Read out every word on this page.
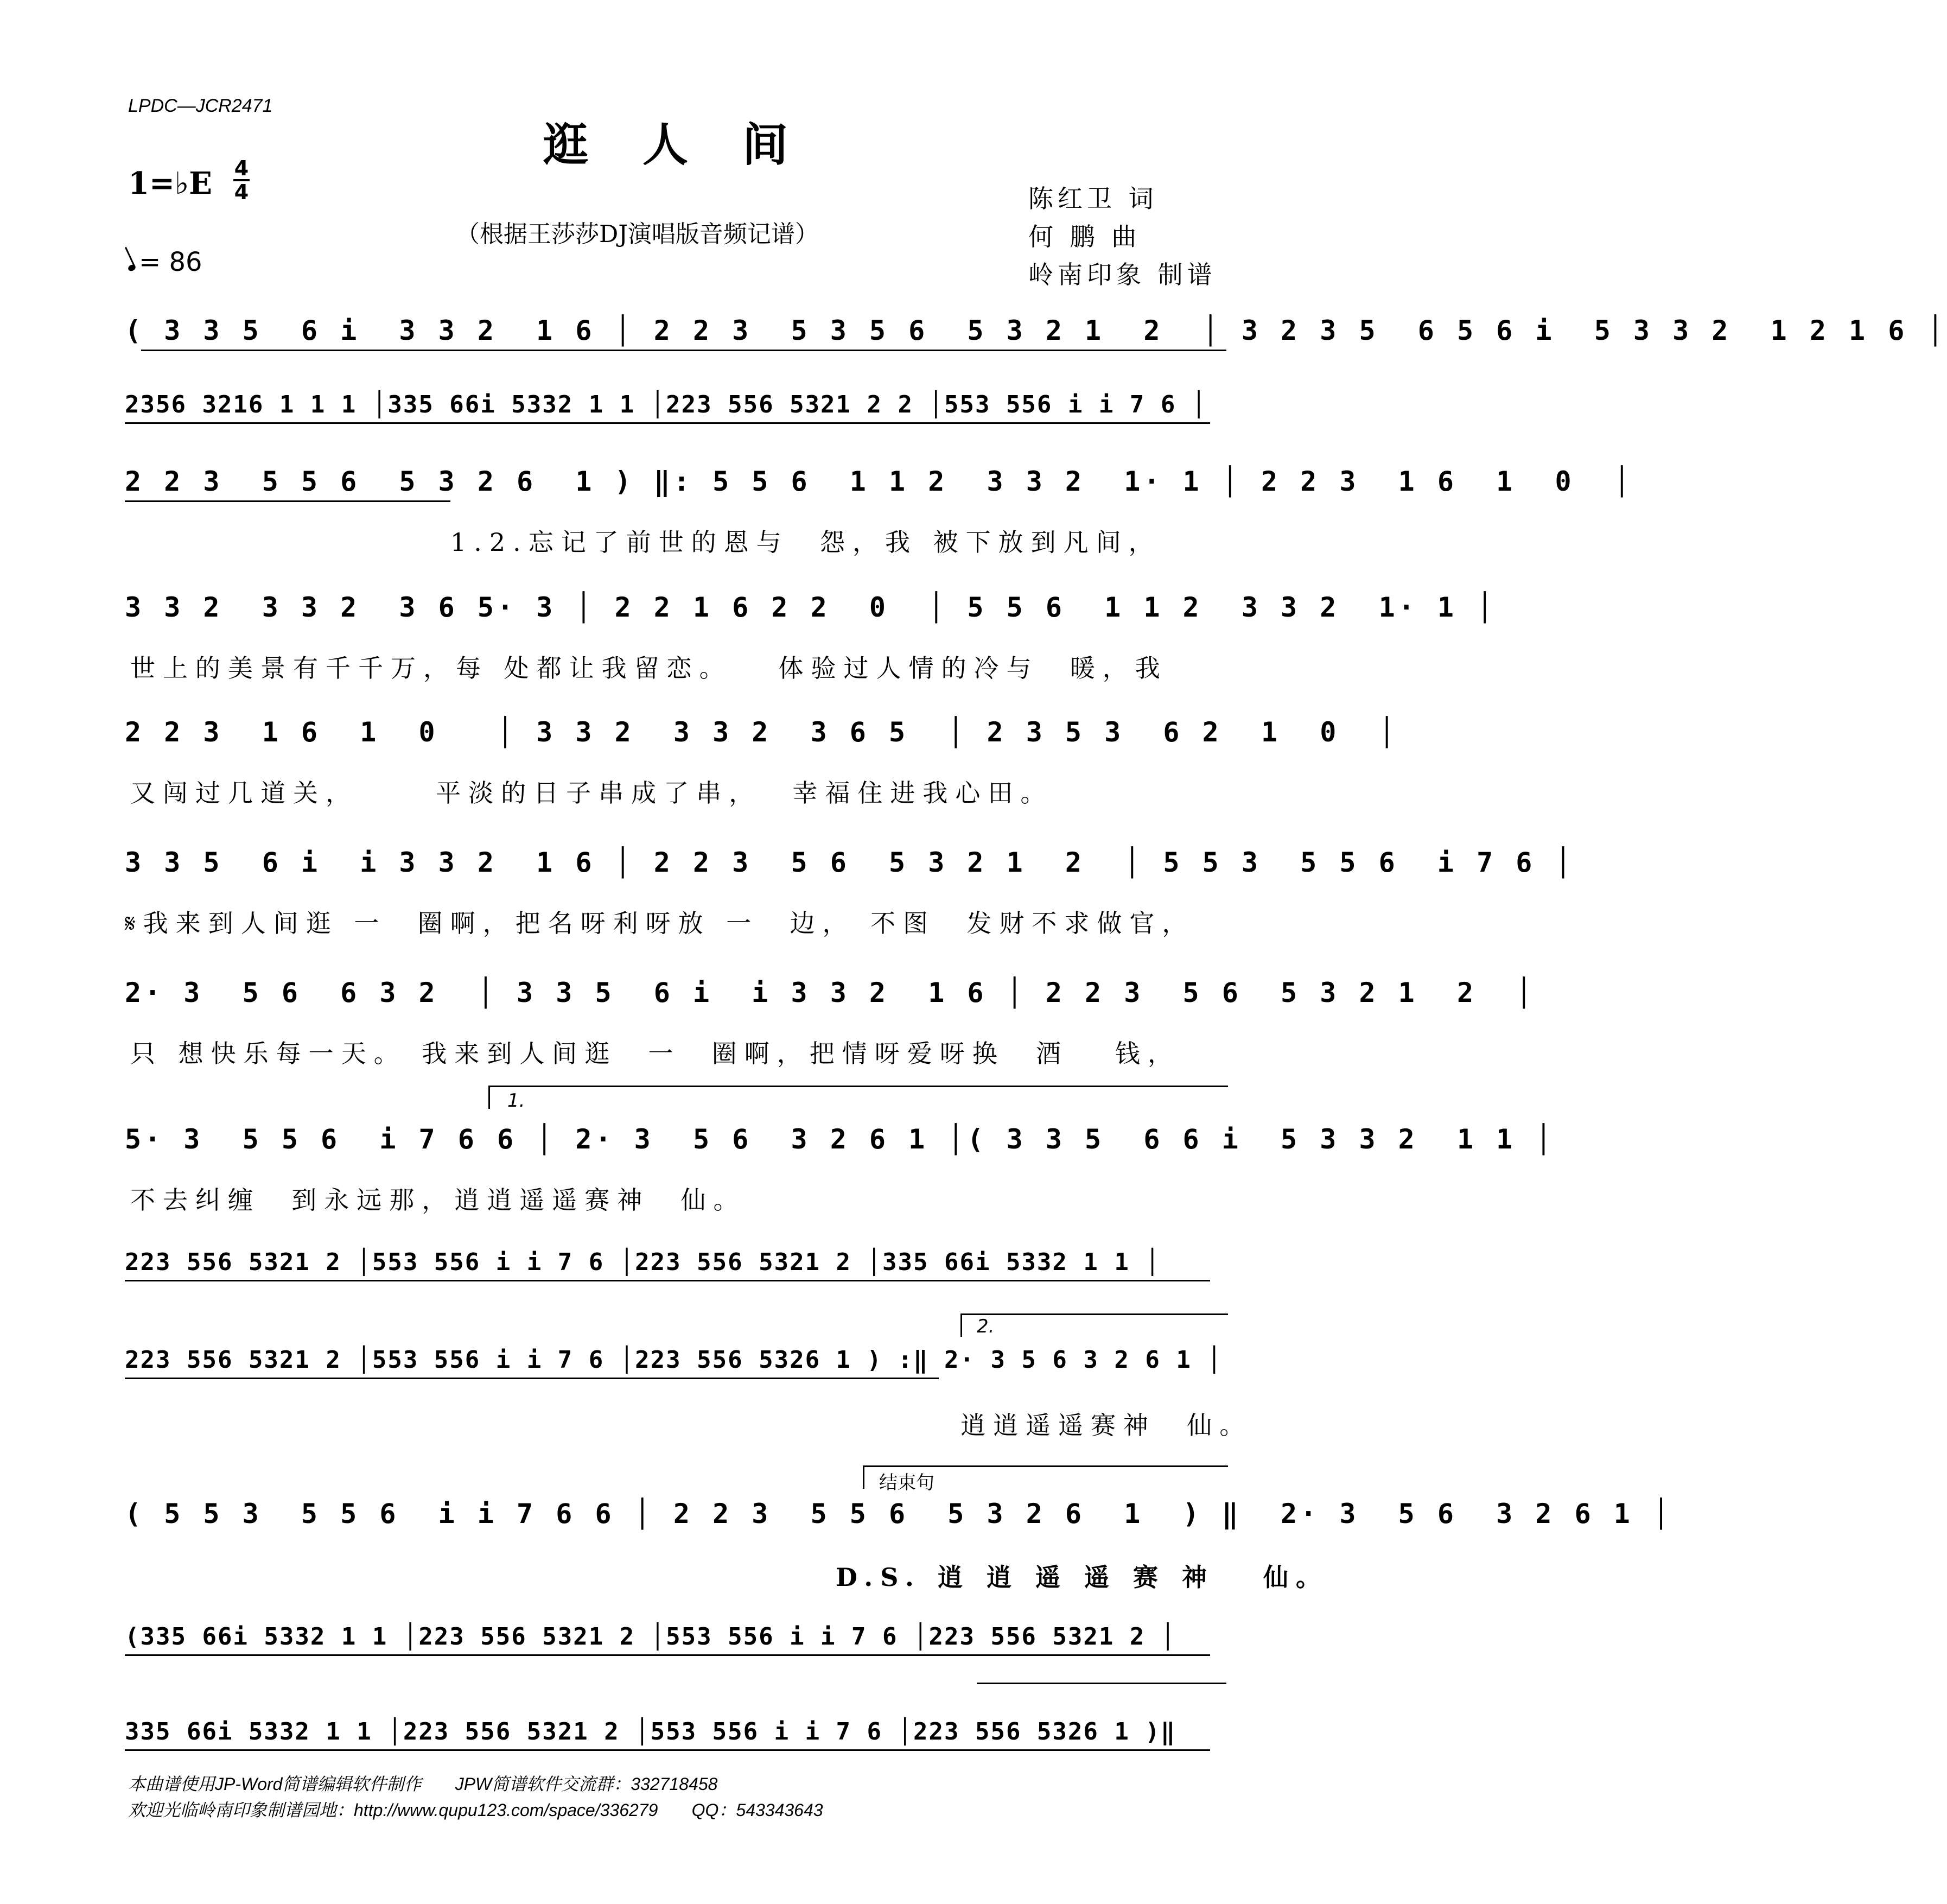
LPDC—JCR2471
逛人间
1=♭E 4
4
= 86
（根据王莎莎DJ演唱版音频记谱）
陈红卫 词
何 鹏 曲
岭南印象 制谱
( 3 3 5  6 i  3 3 2  1 6 │ 2 2 3  5 3 5 6  5 3 2 1  2  │ 3 2 3 5  6 5 6 i  5 3 3 2  1 2 1 6 │
2356 3216 1 1 1 │335 66i 5332 1 1 │223 556 5321 2 2 │553 556 i i 7 6 │
2 2 3  5 5 6  5 3 2 6  1 ) ‖: 5 5 6  1 1 2  3 3 2  1· 1 │ 2 2 3  1 6  1  0  │
1.2.忘记了前世的恩与  怨，我 被下放到凡间，
3 3 2  3 3 2  3 6 5· 3 │ 2 2 1 6 2 2  0  │ 5 5 6  1 1 2  3 3 2  1· 1 │
世上的美景有千千万，每 处都让我留恋。   体验过人情的冷与  暖，我
2 2 3  1 6  1  0   │ 3 3 2  3 3 2  3 6 5  │ 2 3 5 3  6 2  1  0  │
又闯过几道关，     平淡的日子串成了串，  幸福住进我心田。
3 3 5  6 i  i 3 3 2  1 6 │ 2 2 3  5 6  5 3 2 1  2  │ 5 5 3  5 5 6  i 7 6 │
𝄋我来到人间逛 一  圈啊，把名呀利呀放 一  边， 不图  发财不求做官，
2· 3  5 6  6 3 2  │ 3 3 5  6 i  i 3 3 2  1 6 │ 2 2 3  5 6  5 3 2 1  2  │
只 想快乐每一天。 我来到人间逛  一  圈啊，把情呀爱呀换  酒   钱，
1.
5· 3  5 5 6  i 7 6 6 │ 2· 3  5 6  3 2 6 1 │( 3 3 5  6 6 i  5 3 3 2  1 1 │
不去纠缠  到永远那，逍逍遥遥赛神  仙。
223 556 5321 2 │553 556 i i 7 6 │223 556 5321 2 │335 66i 5332 1 1 │
2.
223 556 5321 2 │553 556 i i 7 6 │223 556 5326 1 ) :‖ 2· 3 5 6 3 2 6 1 │
逍逍遥遥赛神  仙。
结束句
( 5 5 3  5 5 6  i i 7 6 6 │ 2 2 3  5 5 6  5 3 2 6  1  ) ‖  2· 3  5 6  3 2 6 1 │
D.S. 逍 逍 遥 遥 赛 神   仙。
(335 66i 5332 1 1 │223 556 5321 2 │553 556 i i 7 6 │223 556 5321 2 │
335 66i 5332 1 1 │223 556 5321 2 │553 556 i i 7 6 │223 556 5326 1 )‖
本曲谱使用JP-Word简谱编辑软件制作       JPW简谱软件交流群：332718458
欢迎光临岭南印象制谱园地：http://www.qupu123.com/space/336279       QQ：543343643
